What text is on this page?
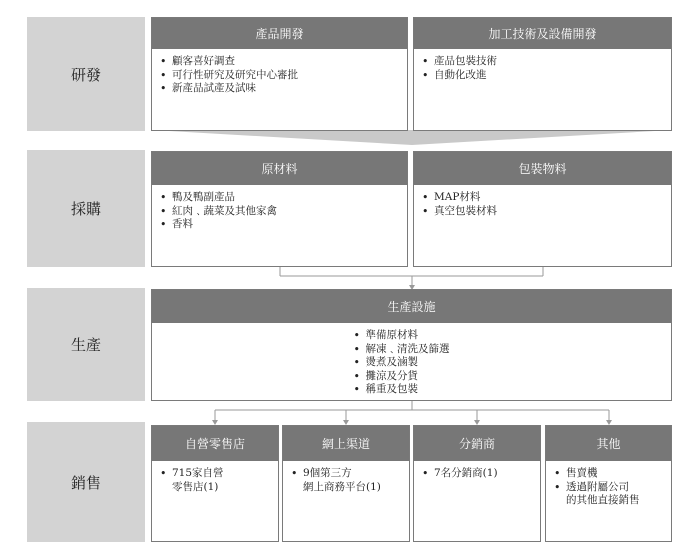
研發
採購
生產
銷售
產品開發
• 顧客喜好調查
• 可行性研究及研究中心審批
• 新產品試產及試味
加工技術及設備開發
• 產品包裝技術
• 自動化改進
原材料
• 鴨及鴨副產品
• 紅肉﹑蔬菜及其他家禽
• 香料
包裝物料
• MAP材料
• 真空包裝材料
生產設施
• 準備原材料
• 解凍﹑清洗及篩選
• 燙煮及滷製
• 攤涼及分貨
• 稱重及包裝
自營零售店
• 715家自營
零售店(1)
網上渠道
• 9個第三方
網上商務平台(1)
分銷商
• 7名分銷商(1)
其他
• 售賣機
• 透過附屬公司
的其他直接銷售
